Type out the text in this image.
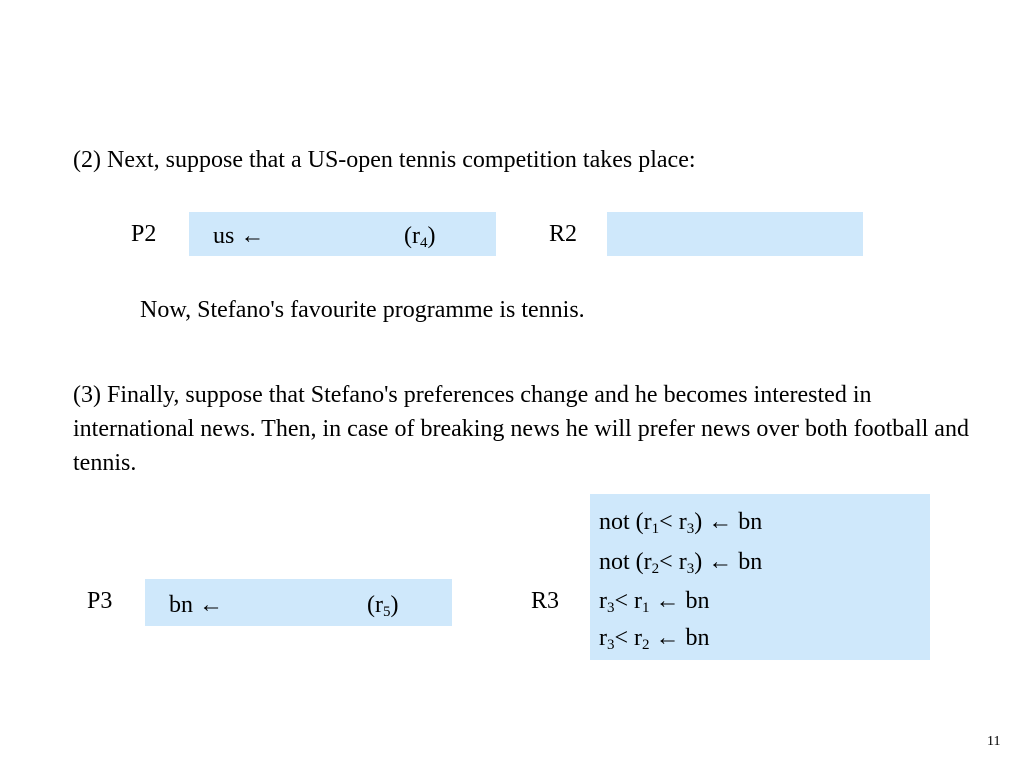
(2) Next, suppose that a US-open tennis competition takes place:
P2 us ←	$(r_4)$	R2
Now, Stefano's favourite programme is tennis.
(3) Finally, suppose that Stefano's preferences change and he becomes interested in international news. Then, in case of breaking news he will prefer news over both football and tennis.
P3 bn ←	$(r_5)$	R3
not $(r_1< r_3)$ ← bn
not $(r_2< r_3)$ ← bn
$r_3< r_1$ ← bn
$r_3< r_2$ ← bn
11
